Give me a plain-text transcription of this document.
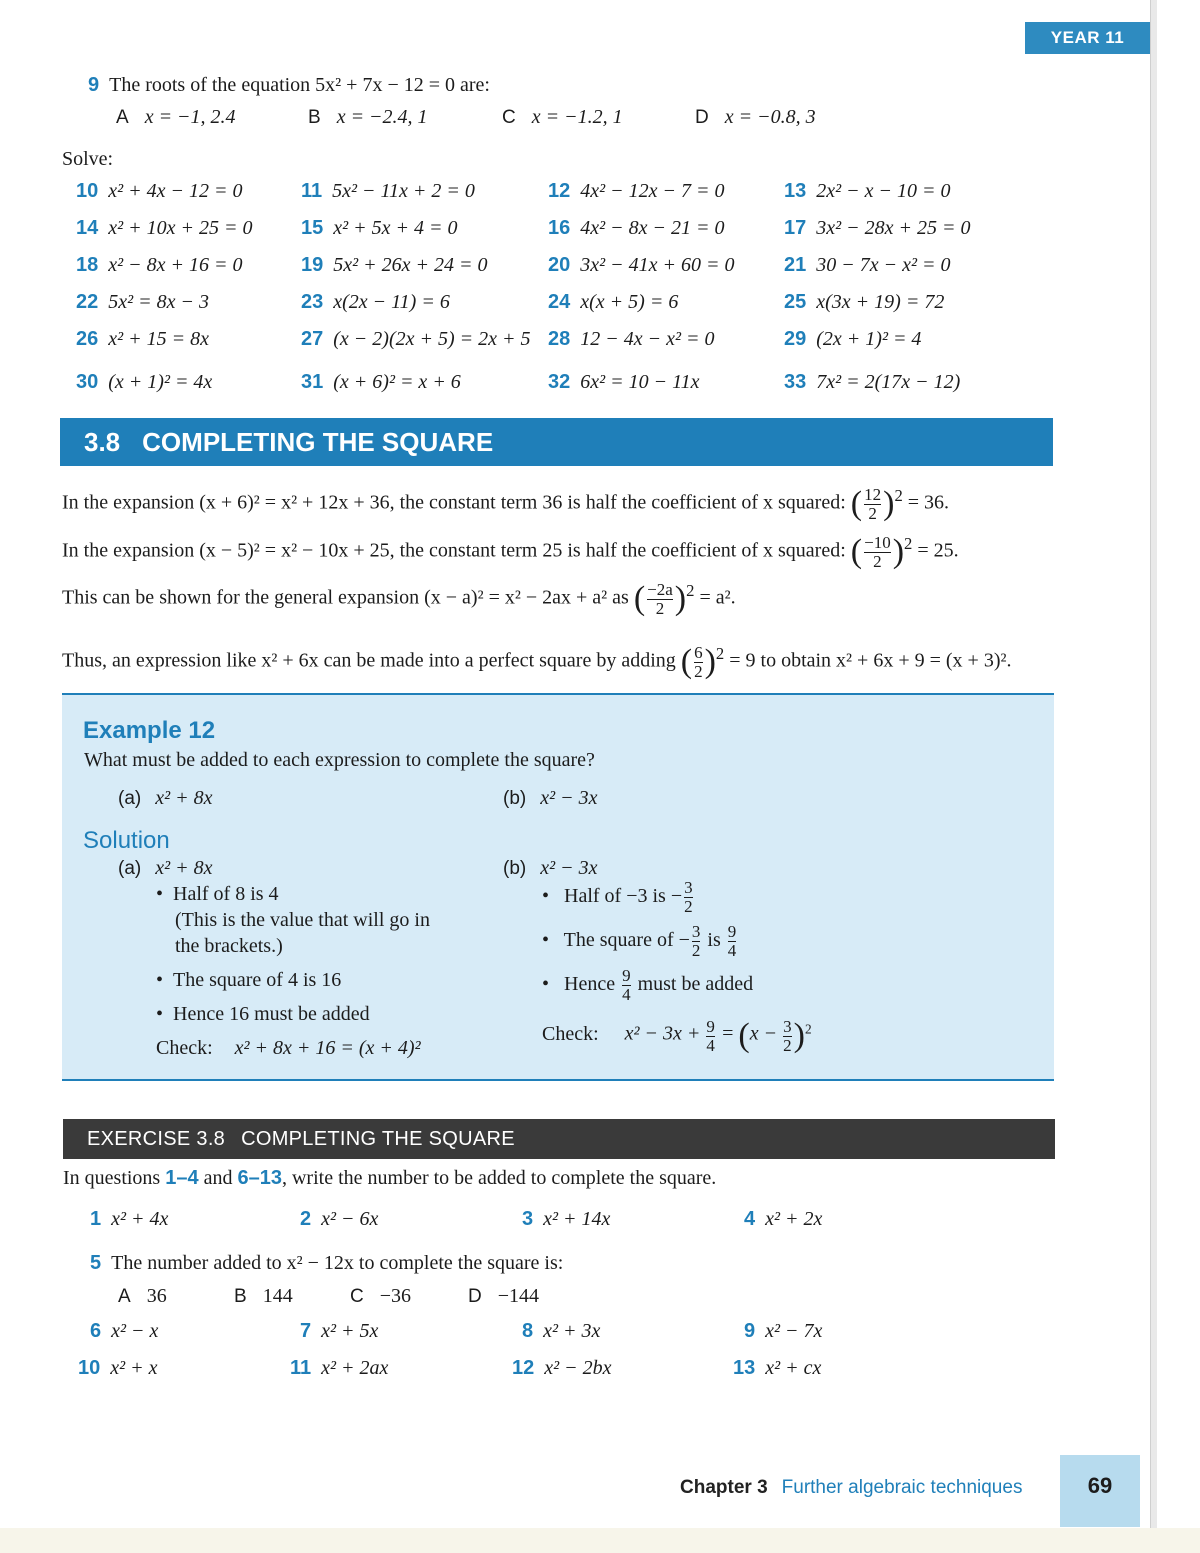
YEAR 11
9 The roots of the equation 5x² + 7x − 12 = 0 are:
A x = −1, 2.4	B x = −2.4, 1	C x = −1.2, 1	D x = −0.8, 3
Solve:
10 x² + 4x − 12 = 0	11 5x² − 11x + 2 = 0	12 4x² − 12x − 7 = 0	13 2x² − x − 10 = 0
14 x² + 10x + 25 = 0 15 x² + 5x + 4 = 0	16 4x² − 8x − 21 = 0	17 3x² − 28x + 25 = 0
18 x² − 8x + 16 = 0	19 5x² + 26x + 24 = 0	20 3x² − 41x + 60 = 0 21 30 − 7x − x² = 0
22 5x² = 8x − 3	23 x(2x − 11) = 6	24 x(x + 5) = 6	25 x(3x + 19) = 72
26 x² + 15 = 8x	27 (x − 2)(2x + 5) = 2x + 5 28 12 − 4x − x² = 0	29 (2x + 1)² = 4
30 (x + 1)² = 4x	31 (x + 6)² = x + 6	32 6x² = 10 − 11x	33 7x² = 2(17x − 12)
3.8 COMPLETING THE SQUARE
In the expansion (x + 6)² = x² + 12x + 36, the constant term 36 is half the coefficient of x squared: ( $\frac{12}{2} )^2 = 36$.
In the expansion (x − 5)² = x² − 10x + 25, the constant term 25 is half the coefficient of x squared: ( $\frac{-10}{2} )^2 = 25$.
This can be shown for the general expansion (x − a)² = x² − 2ax + a² as ( $\frac{-2a}{2} )^2 = a^2$.
Thus, an expression like x² + 6x can be made into a perfect square by adding ( $\frac{6}{2} )^2 = 9$ to obtain x² + 6x + 9 = (x + 3)².
Example 12
What must be added to each expression to complete the square?
(a) x² + 8x	(b) x² − 3x
Solution
(a) x² + 8x
• Half of 8 is 4
(This is the value that will go in
the brackets.)
• The square of 4 is 16
• Hence 16 must be added
Check: x² + 8x + 16 = (x + 4)²
(b) x² − 3x
• Half of −3 is − $\frac{3}{2}$
• The square of − $\frac{3}{2}$ is $\frac{9}{4}$
• Hence $\frac{9}{4}$ must be added
Check: $x^2 - 3x + \frac{9}{4} = (x - \frac{3}{2} )^2$
EXERCISE 3.8 COMPLETING THE SQUARE
In questions 1–4 and 6–13, write the number to be added to complete the square.
1 x² + 4x	2 x² − 6x	3 x² + 14x	4 x² + 2x
5 The number added to x² − 12x to complete the square is:
A 36	B 144	C −36	D −144
6 x² − x	7 x² + 5x	8 x² + 3x	9 x² − 7x
10 x² + x	11 x² + 2ax	12 x² − 2bx	13 x² + cx
Chapter 3 Further algebraic techniques	69
